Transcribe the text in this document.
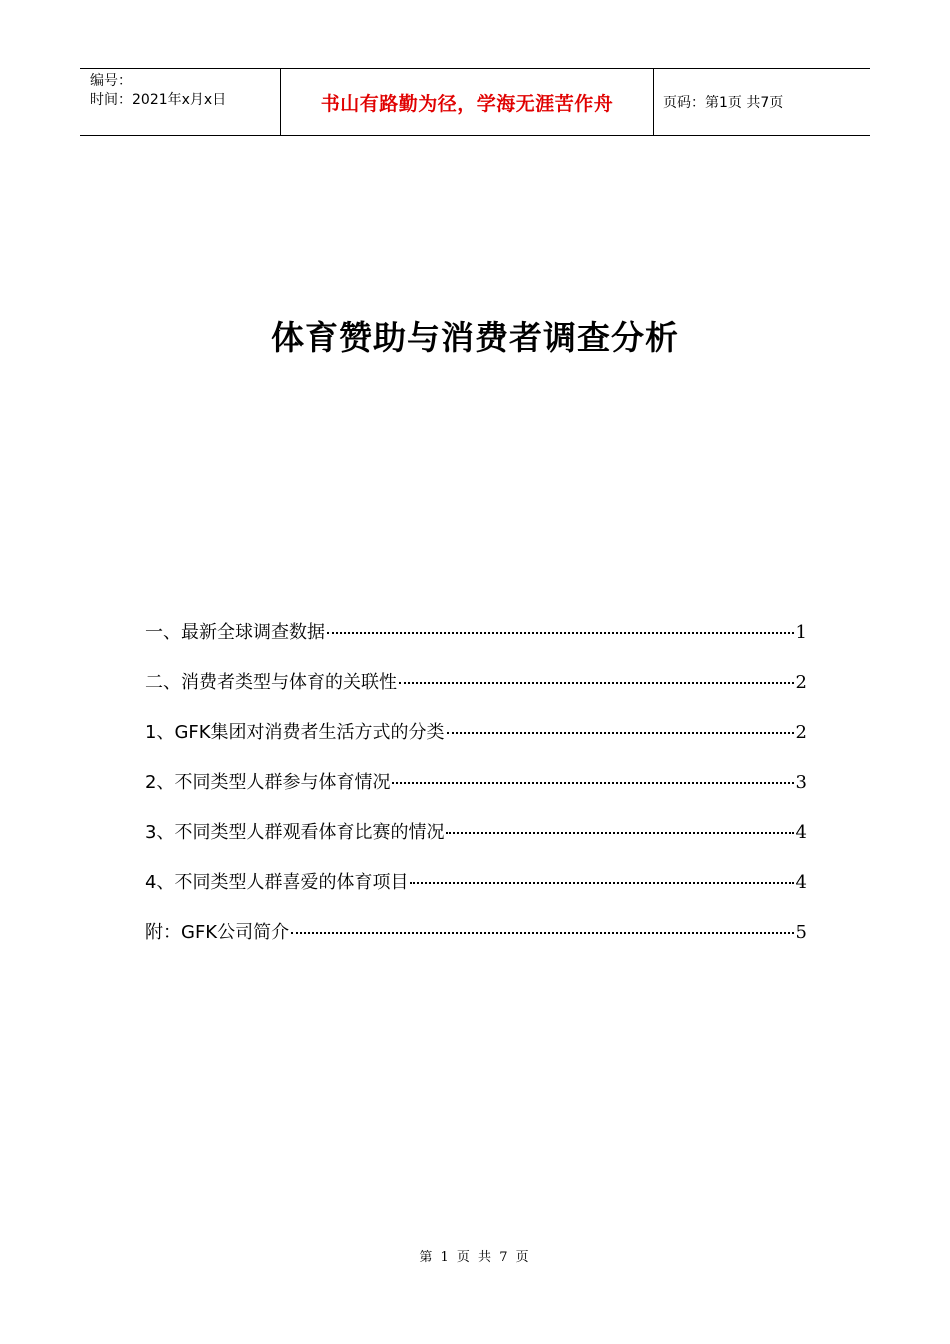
编号：
时间：2021年x月x日	书山有路勤为径，学海无涯苦作舟	页码：第1页 共7页
体育赞助与消费者调查分析
一、最新全球调查数据	1
二、消费者类型与体育的关联性	2
1、GFK集团对消费者生活方式的分类	2
2、不同类型人群参与体育情况	3
3、不同类型人群观看体育比赛的情况	4
4、不同类型人群喜爱的体育项目	4
附：GFK公司简介	5
第 1 页 共 7 页
